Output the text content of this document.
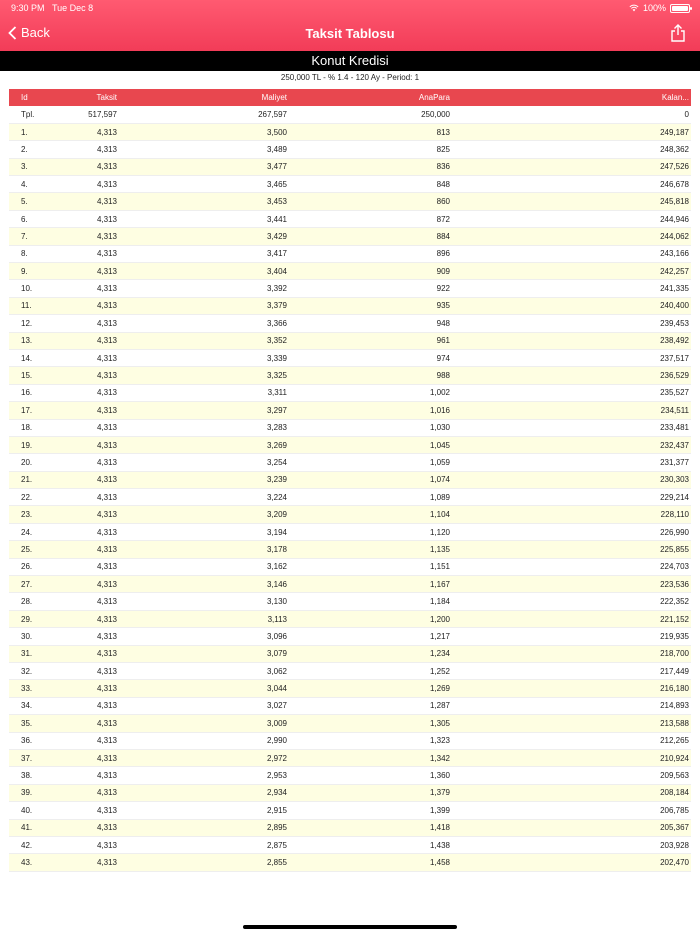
9:30 PM Tue Dec 8	100%
Back	Taksit Tablosu
Konut Kredisi
250,000 TL - % 1.4 - 120 Ay - Period: 1
Id	Taksit	Maliyet	AnaPara	Kalan...
Tpl.	517,597	267,597	250,000	0
1.	4,313	3,500	813	249,187
2.	4,313	3,489	825	248,362
3.	4,313	3,477	836	247,526
4.	4,313	3,465	848	246,678
5.	4,313	3,453	860	245,818
6.	4,313	3,441	872	244,946
7.	4,313	3,429	884	244,062
8.	4,313	3,417	896	243,166
9.	4,313	3,404	909	242,257
10.	4,313	3,392	922	241,335
11.	4,313	3,379	935	240,400
12.	4,313	3,366	948	239,453
13.	4,313	3,352	961	238,492
14.	4,313	3,339	974	237,517
15.	4,313	3,325	988	236,529
16.	4,313	3,311	1,002	235,527
17.	4,313	3,297	1,016	234,511
18.	4,313	3,283	1,030	233,481
19.	4,313	3,269	1,045	232,437
20.	4,313	3,254	1,059	231,377
21.	4,313	3,239	1,074	230,303
22.	4,313	3,224	1,089	229,214
23.	4,313	3,209	1,104	228,110
24.	4,313	3,194	1,120	226,990
25.	4,313	3,178	1,135	225,855
26.	4,313	3,162	1,151	224,703
27.	4,313	3,146	1,167	223,536
28.	4,313	3,130	1,184	222,352
29.	4,313	3,113	1,200	221,152
30.	4,313	3,096	1,217	219,935
31.	4,313	3,079	1,234	218,700
32.	4,313	3,062	1,252	217,449
33.	4,313	3,044	1,269	216,180
34.	4,313	3,027	1,287	214,893
35.	4,313	3,009	1,305	213,588
36.	4,313	2,990	1,323	212,265
37.	4,313	2,972	1,342	210,924
38.	4,313	2,953	1,360	209,563
39.	4,313	2,934	1,379	208,184
40.	4,313	2,915	1,399	206,785
41.	4,313	2,895	1,418	205,367
42.	4,313	2,875	1,438	203,928
43.	4,313	2,855	1,458	202,470
